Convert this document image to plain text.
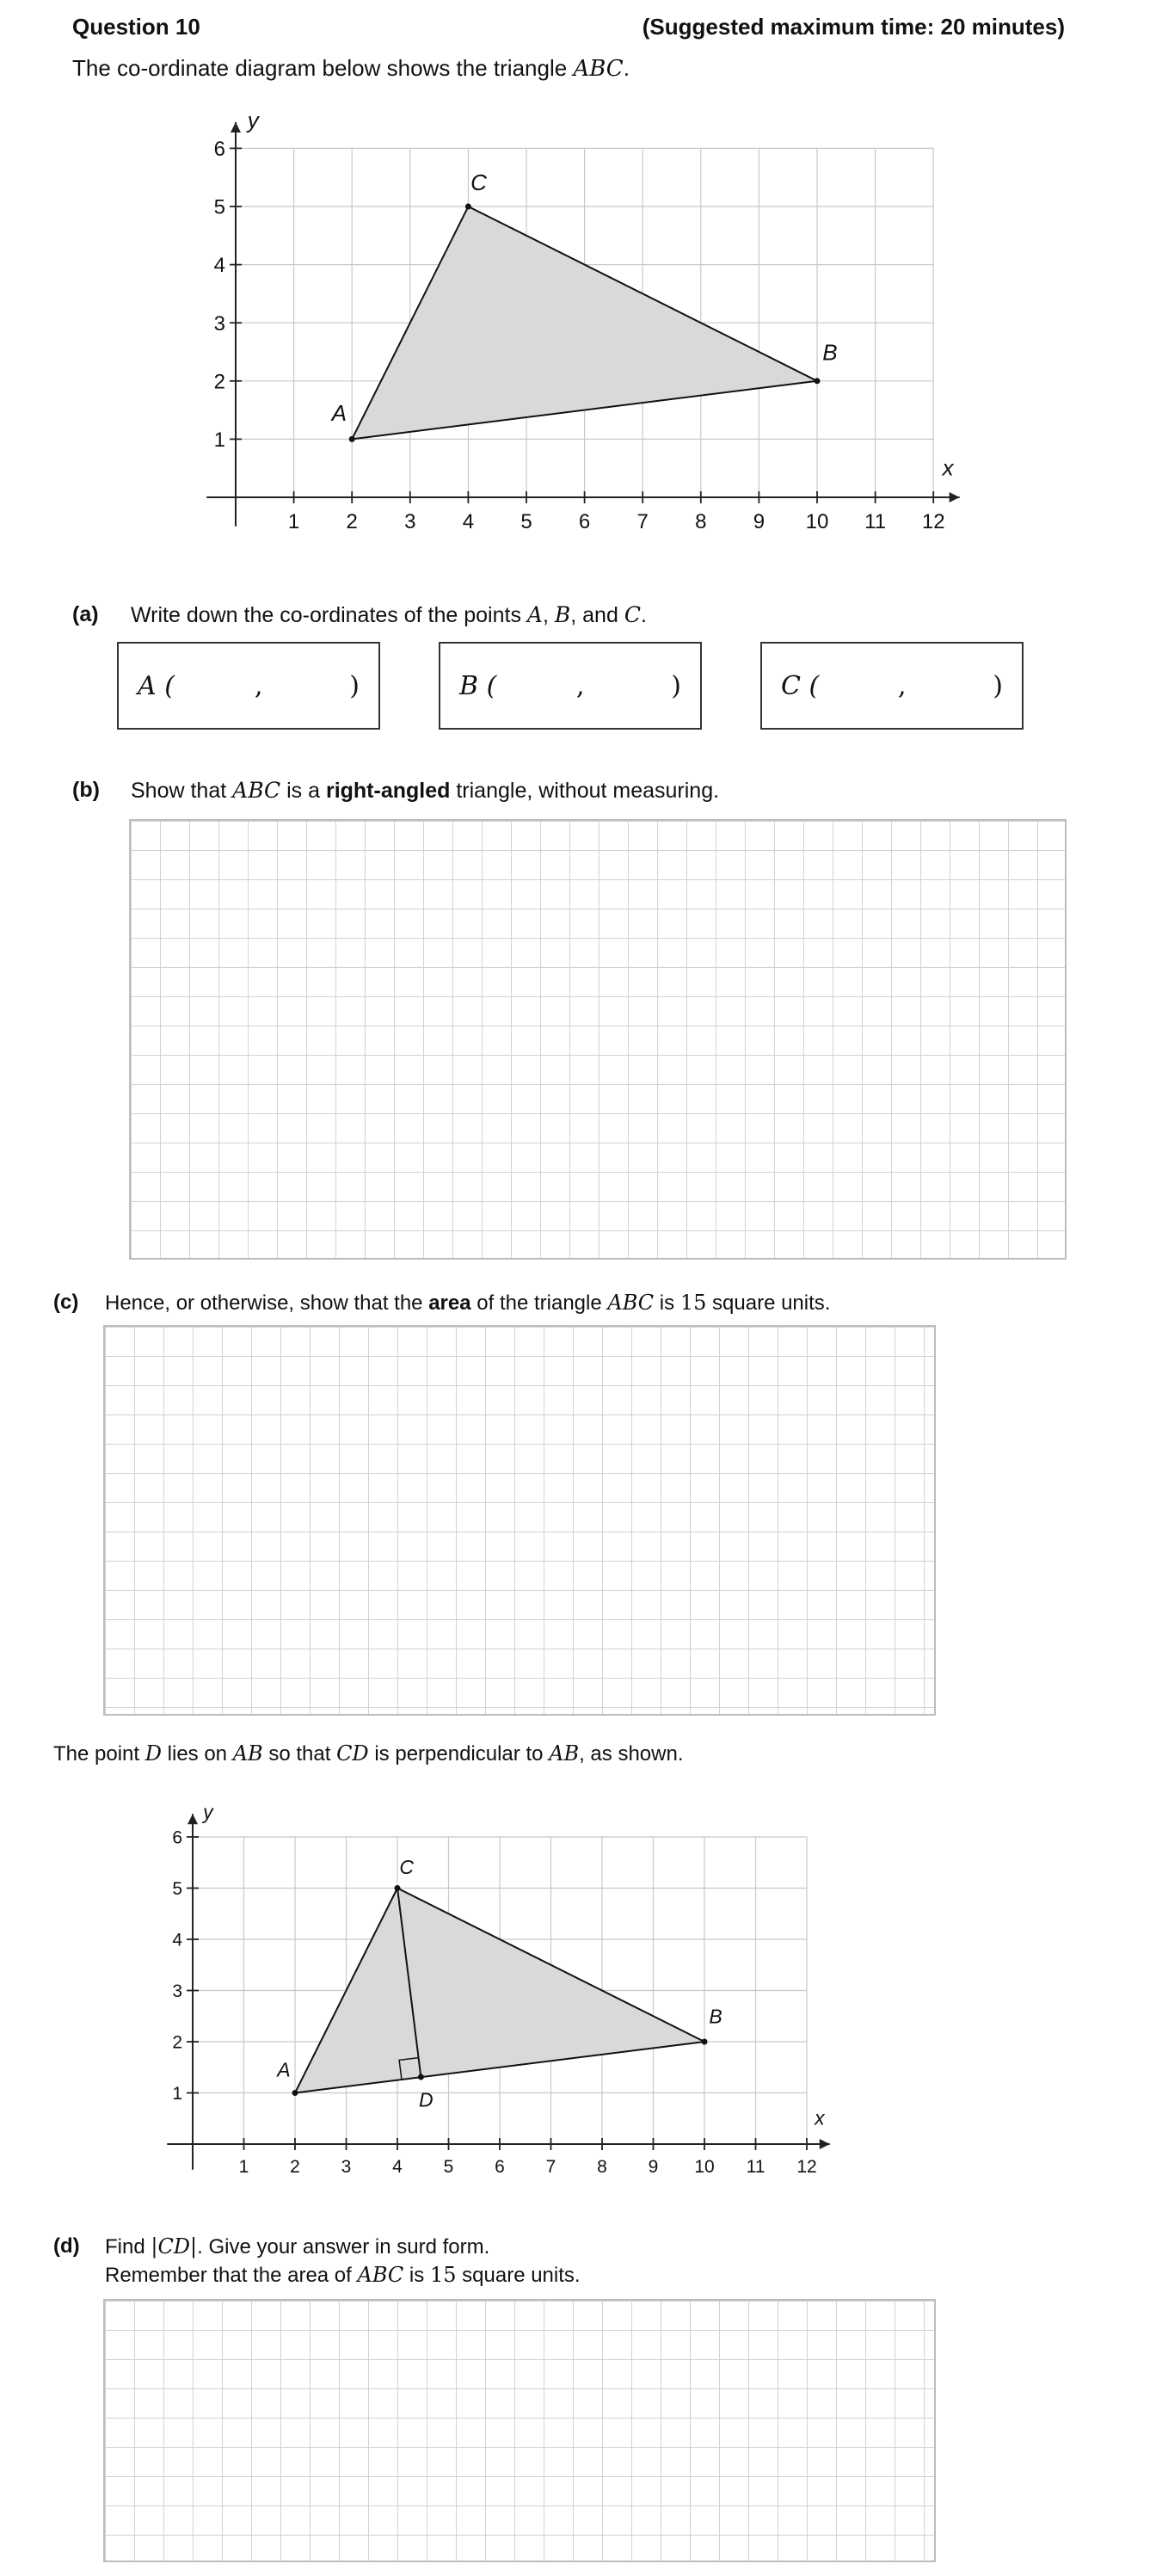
Question 10	(Suggested maximum time: 20 minutes)
The co-ordinate diagram below shows the triangle ABC.
1 2 3 4 5 6 7 8 9 10 11 12
1
2
3
4
5
6
x
y
A
B
C
(a) Write down the co-ordinates of the points A, B, and C.
A (	,	)	B (	,	)	C (	,	)
(b) Show that ABC is a right-angled triangle, without measuring.
(c) Hence, or otherwise, show that the area of the triangle ABC is 15 square units.
The point D lies on AB so that CD is perpendicular to AB, as shown.
1 2 3 4 5 6 7 8 9 10 11 12
1
2
3
4
5
6
x
y
A
B
C
D
(d) Find |CD|. Give your answer in surd form.
Remember that the area of ABC is 15 square units.
